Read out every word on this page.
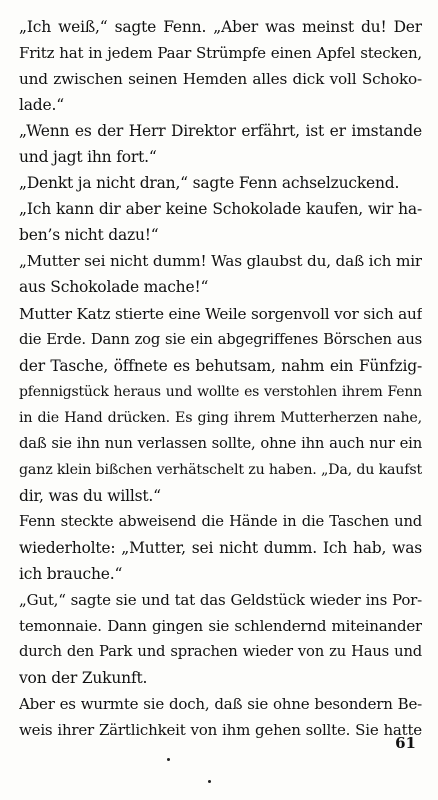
„Ich weiß,“ sagte Fenn. „Aber was meinst du! Der
Fritz hat in jedem Paar Strümpfe einen Apfel stecken,
und zwischen seinen Hemden alles dick voll Schoko-
lade.“
„Wenn es der Herr Direktor erfährt, ist er imstande
und jagt ihn fort.“
„Denkt ja nicht dran,“ sagte Fenn achselzuckend.
„Ich kann dir aber keine Schokolade kaufen, wir ha-
ben’s nicht dazu!“
„Mutter sei nicht dumm! Was glaubst du, daß ich mir
aus Schokolade mache!“
Mutter Katz stierte eine Weile sorgenvoll vor sich auf
die Erde. Dann zog sie ein abgegriffenes Börschen aus
der Tasche, öffnete es behutsam, nahm ein Fünfzig-
pfennigstück heraus und wollte es verstohlen ihrem Fenn
in die Hand drücken. Es ging ihrem Mutterherzen nahe,
daß sie ihn nun verlassen sollte, ohne ihn auch nur ein
ganz klein bißchen verhätschelt zu haben. „Da, du kaufst
dir, was du willst.“
Fenn steckte abweisend die Hände in die Taschen und
wiederholte: „Mutter, sei nicht dumm. Ich hab, was
ich brauche.“
„Gut,“ sagte sie und tat das Geldstück wieder ins Por-
temonnaie. Dann gingen sie schlendernd miteinander
durch den Park und sprachen wieder von zu Haus und
von der Zukunft.
Aber es wurmte sie doch, daß sie ohne besondern Be-
weis ihrer Zärtlichkeit von ihm gehen sollte. Sie hatte
61
